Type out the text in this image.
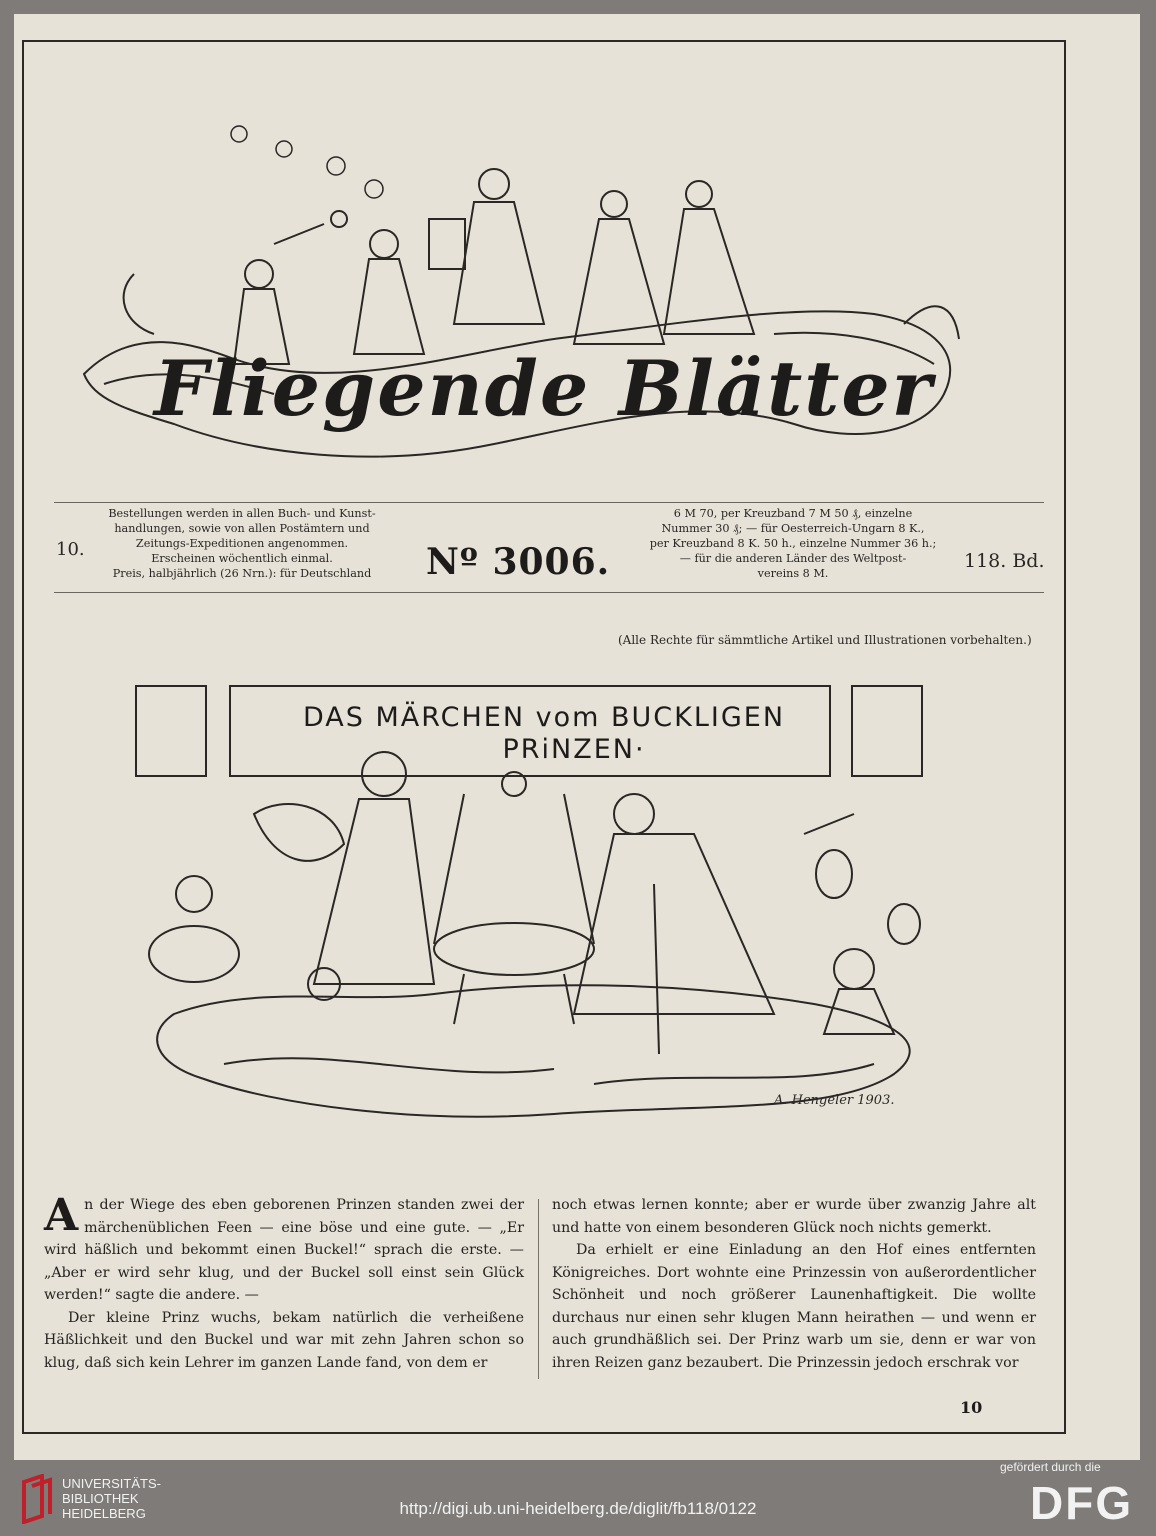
Fliegende Blätter
10.
Bestellungen werden in allen Buch- und Kunst-
handlungen, sowie von allen Postämtern und
Zeitungs-Expeditionen angenommen.
Erscheinen wöchentlich einmal.
Preis, halbjährlich (26 Nrn.): für Deutschland	Nº 3006.
6 M 70, per Kreuzband 7 M 50 ₰, einzelne
Nummer 30 ₰; — für Oesterreich-Ungarn 8 K.,
per Kreuzband 8 K. 50 h., einzelne Nummer 36 h.;
— für die anderen Länder des Weltpost-
vereins 8 M.
118. Bd.
(Alle Rechte für sämmtliche Artikel und Illustrationen vorbehalten.)
A. Hengeler 1903.
DAS MÄRCHEN vom BUCKLIGEN
PRiNZEN·
A n der Wiege des eben geborenen Prinzen standen zwei der märchenüblichen Feen — eine böse und eine gute. — „Er wird häßlich und bekommt einen Buckel!“ sprach die erste. — „Aber er wird sehr klug, und der Buckel soll einst sein Glück werden!“ sagte die andere. —

Der kleine Prinz wuchs, bekam natürlich die verheißene Häßlichkeit und den Buckel und war mit zehn Jahren schon so klug, daß sich kein Lehrer im ganzen Lande fand, von dem er

noch etwas lernen konnte; aber er wurde über zwanzig Jahre alt und hatte von einem besonderen Glück noch nichts gemerkt.

Da erhielt er eine Einladung an den Hof eines entfernten Königreiches. Dort wohnte eine Prinzessin von außerordentlicher Schönheit und noch größerer Launenhaftigkeit. Die wollte durchaus nur einen sehr klugen Mann heirathen — und wenn er auch grundhäßlich sei. Der Prinz warb um sie, denn er war von ihren Reizen ganz bezaubert. Die Prinzessin jedoch erschrak vor

10
UNIVERSITÄTS-
BIBLIOTHEK
HEIDELBERG	http://digi.ub.uni-heidelberg.de/diglit/fb118/0122
gefördert durch die
DFG
